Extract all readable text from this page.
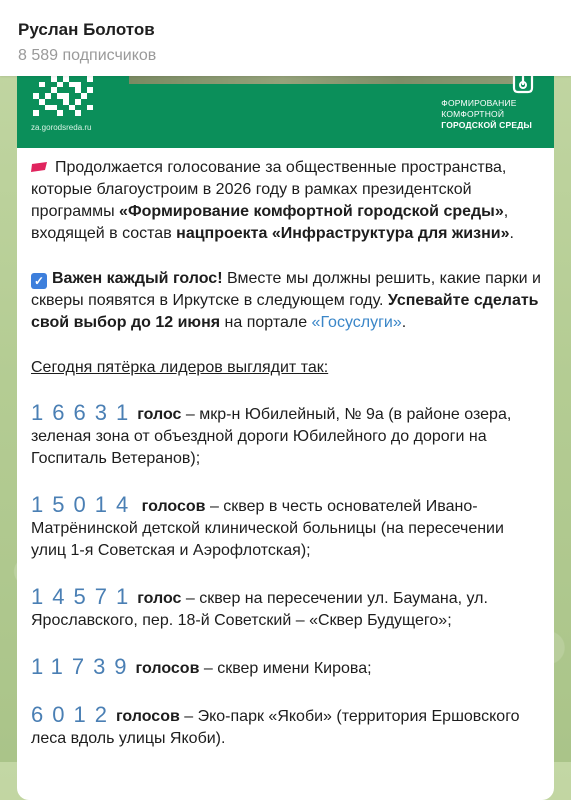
Руслан Болотов
8 589 подписчиков
za.gorodsreda.ru
ФОРМИРОВАНИЕ
КОМФОРТНОЙ
ГОРОДСКОЙ СРЕДЫ

Продолжается голосование за общественные пространства, которые благоустроим в 2026 году в рамках президентской программы «Формирование комфортной городской среды», входящей в состав нацпроекта «Инфраструктура для жизни».

✓ Важен каждый голос! Вместе мы должны решить, какие парки и скверы появятся в Иркутске в следующем году. Успевайте сделать свой выбор до 12 июня на портале «Госуслуги».

Сегодня пятёрка лидеров выглядит так:

16631голос – мкр-н Юбилейный, № 9а (в районе озера, зеленая зона от объездной дороги Юбилейного до дороги на Госпиталь Ветеранов);

15014 голосов – сквер в честь основателей Ивано-Матрёнинской детской клинической больницы (на пересечении улиц 1-я Советская и Аэрофлотская);

14571голос – сквер на пересечении ул. Баумана, ул. Ярославского, пер. 18-й Советский – «Сквер Будущего»;

11739голосов – сквер имени Кирова;

6012голосов – Эко-парк «Якоби» (территория Ершовского леса вдоль улицы Якоби).
